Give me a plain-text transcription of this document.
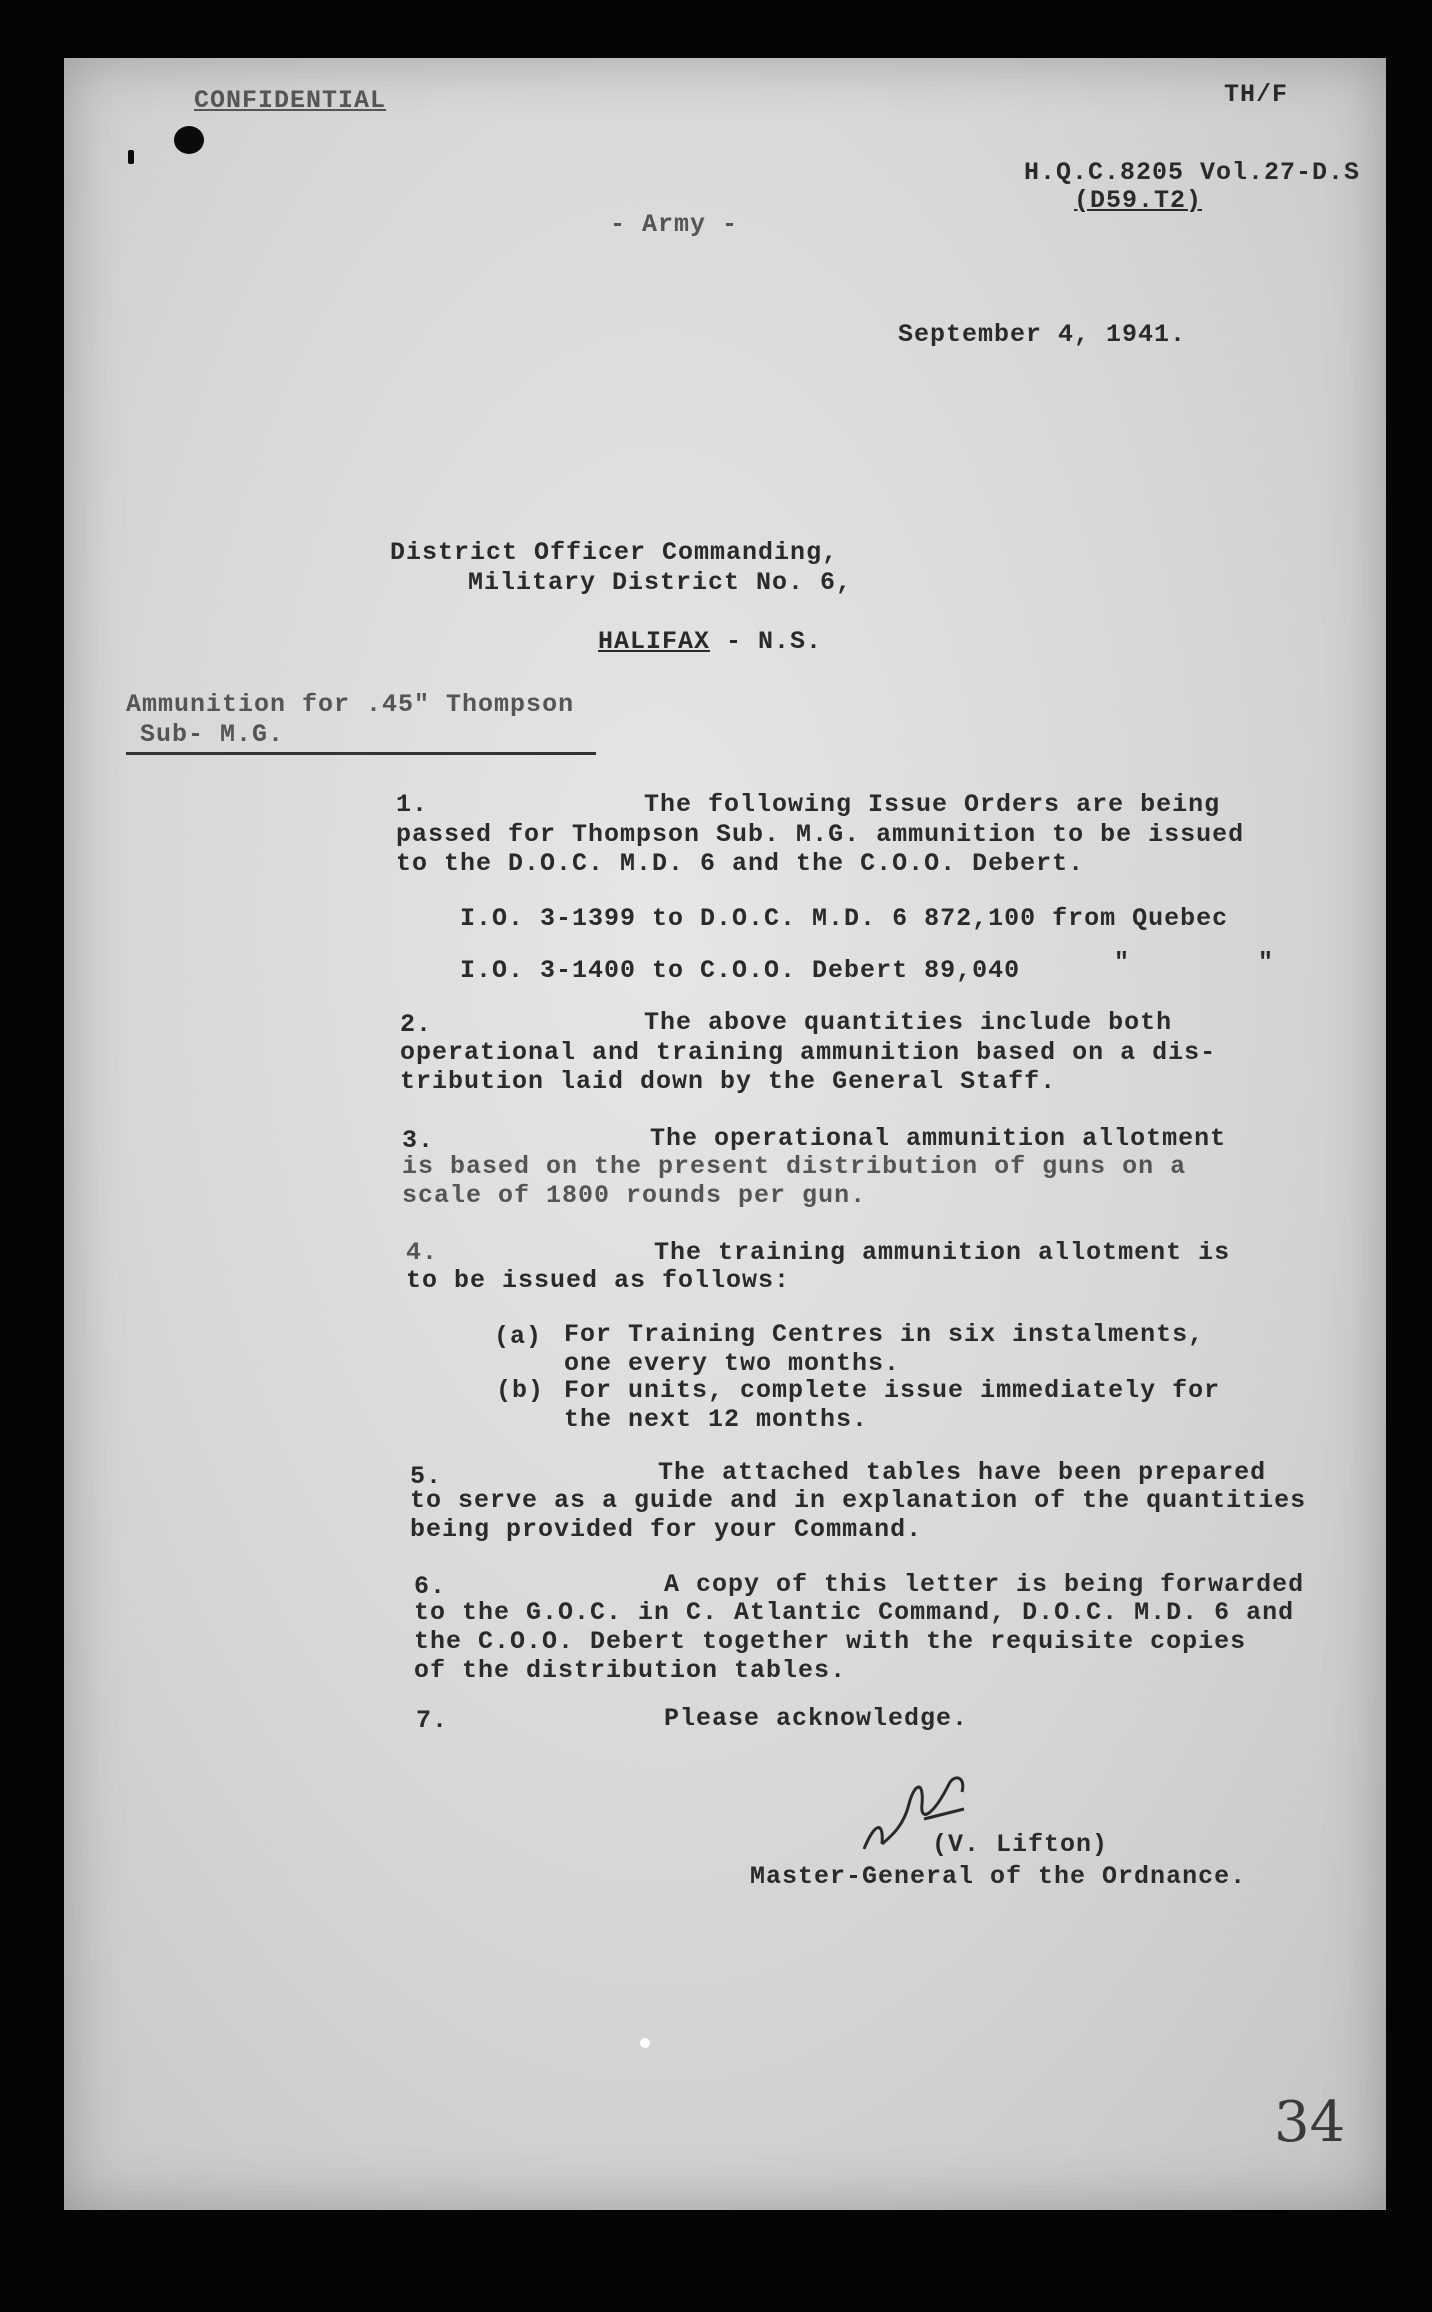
CONFIDENTIAL	TH/F
H.Q.C.8205 Vol.27-D.S
(D59.T2)
- Army -
September 4, 1941.
District Officer Commanding,
Military District No. 6,

HALIFAX - N.S.

Ammunition for .45" Thompson
Sub- M.G.
1.	The following Issue Orders are being
passed for Thompson Sub. M.G. ammunition to be issued
to the D.O.C. M.D. 6 and the C.O.O. Debert.
I.O. 3-1399 to D.O.C. M.D. 6 872,100 from Quebec
I.O. 3-1400 to C.O.O. Debert 89,040	"        "
2.	The above quantities include both
operational and training ammunition based on a dis-
tribution laid down by the General Staff.
3.	The operational ammunition allotment
is based on the present distribution of guns on a
scale of 1800 rounds per gun.
4.	The training ammunition allotment is
to be issued as follows:
(a) For Training Centres in six instalments,
one every two months.
(b) For units, complete issue immediately for
the next 12 months.
5.	The attached tables have been prepared
to serve as a guide and in explanation of the quantities
being provided for your Command.
6.	A copy of this letter is being forwarded
to the G.O.C. in C. Atlantic Command, D.O.C. M.D. 6 and
the C.O.O. Debert together with the requisite copies
of the distribution tables.
7.	Please acknowledge.
(V. Lifton)
Master-General of the Ordnance.
34
